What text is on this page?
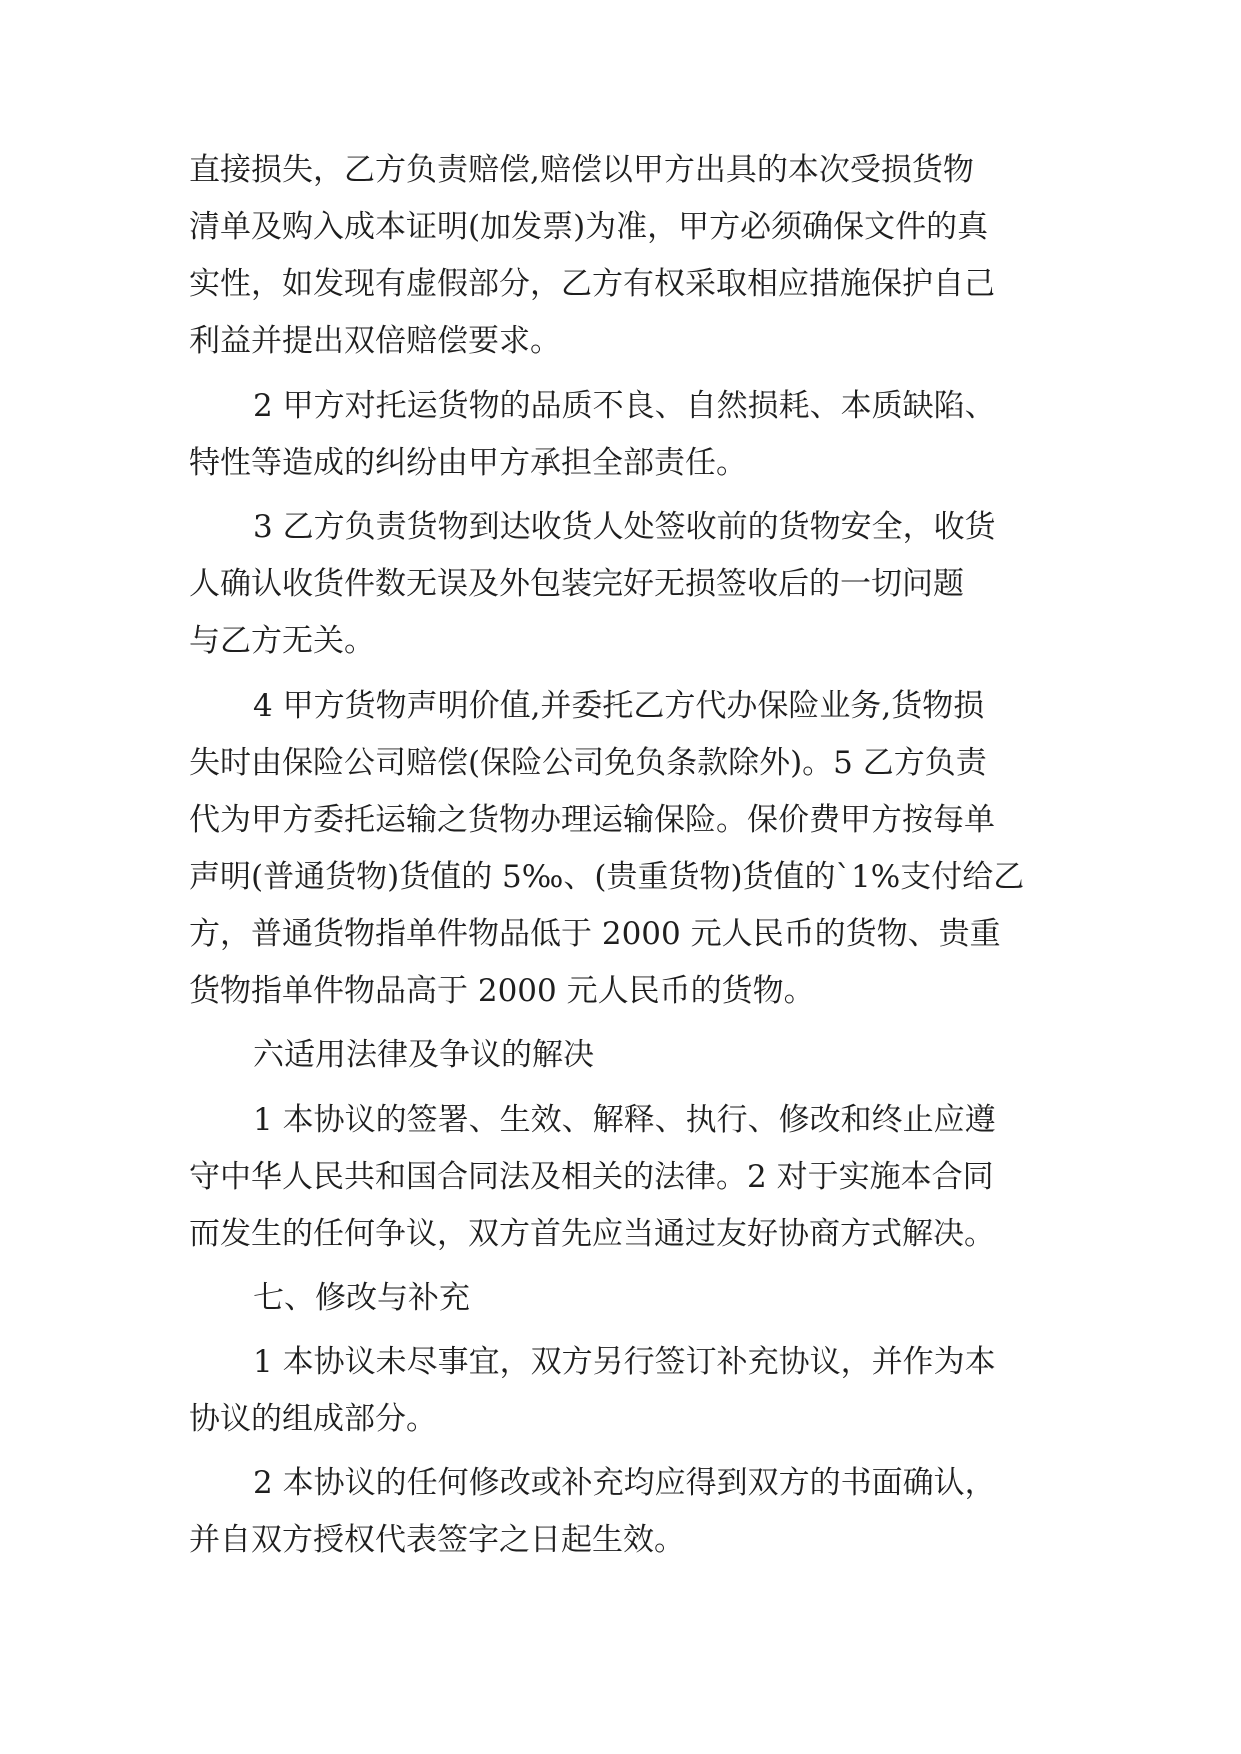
直接损失，乙方负责赔偿,赔偿以甲方出具的本次受损货物
清单及购入成本证明(加发票)为准，甲方必须确保文件的真
实性，如发现有虚假部分，乙方有权采取相应措施保护自己
利益并提出双倍赔偿要求。
2 甲方对托运货物的品质不良、自然损耗、本质缺陷、
特性等造成的纠纷由甲方承担全部责任。
3 乙方负责货物到达收货人处签收前的货物安全，收货
人确认收货件数无误及外包装完好无损签收后的一切问题
与乙方无关。
4 甲方货物声明价值,并委托乙方代办保险业务,货物损
失时由保险公司赔偿(保险公司免负条款除外)。5 乙方负责
代为甲方委托运输之货物办理运输保险。保价费甲方按每单
声明(普通货物)货值的 5‰、(贵重货物)货值的`1%支付给乙
方，普通货物指单件物品低于 2000 元人民币的货物、贵重
货物指单件物品高于 2000 元人民币的货物。
六适用法律及争议的解决
1 本协议的签署、生效、解释、执行、修改和终止应遵
守中华人民共和国合同法及相关的法律。2 对于实施本合同
而发生的任何争议，双方首先应当通过友好协商方式解决。
七、修改与补充
1 本协议未尽事宜，双方另行签订补充协议，并作为本
协议的组成部分。
2 本协议的任何修改或补充均应得到双方的书面确认，
并自双方授权代表签字之日起生效。
